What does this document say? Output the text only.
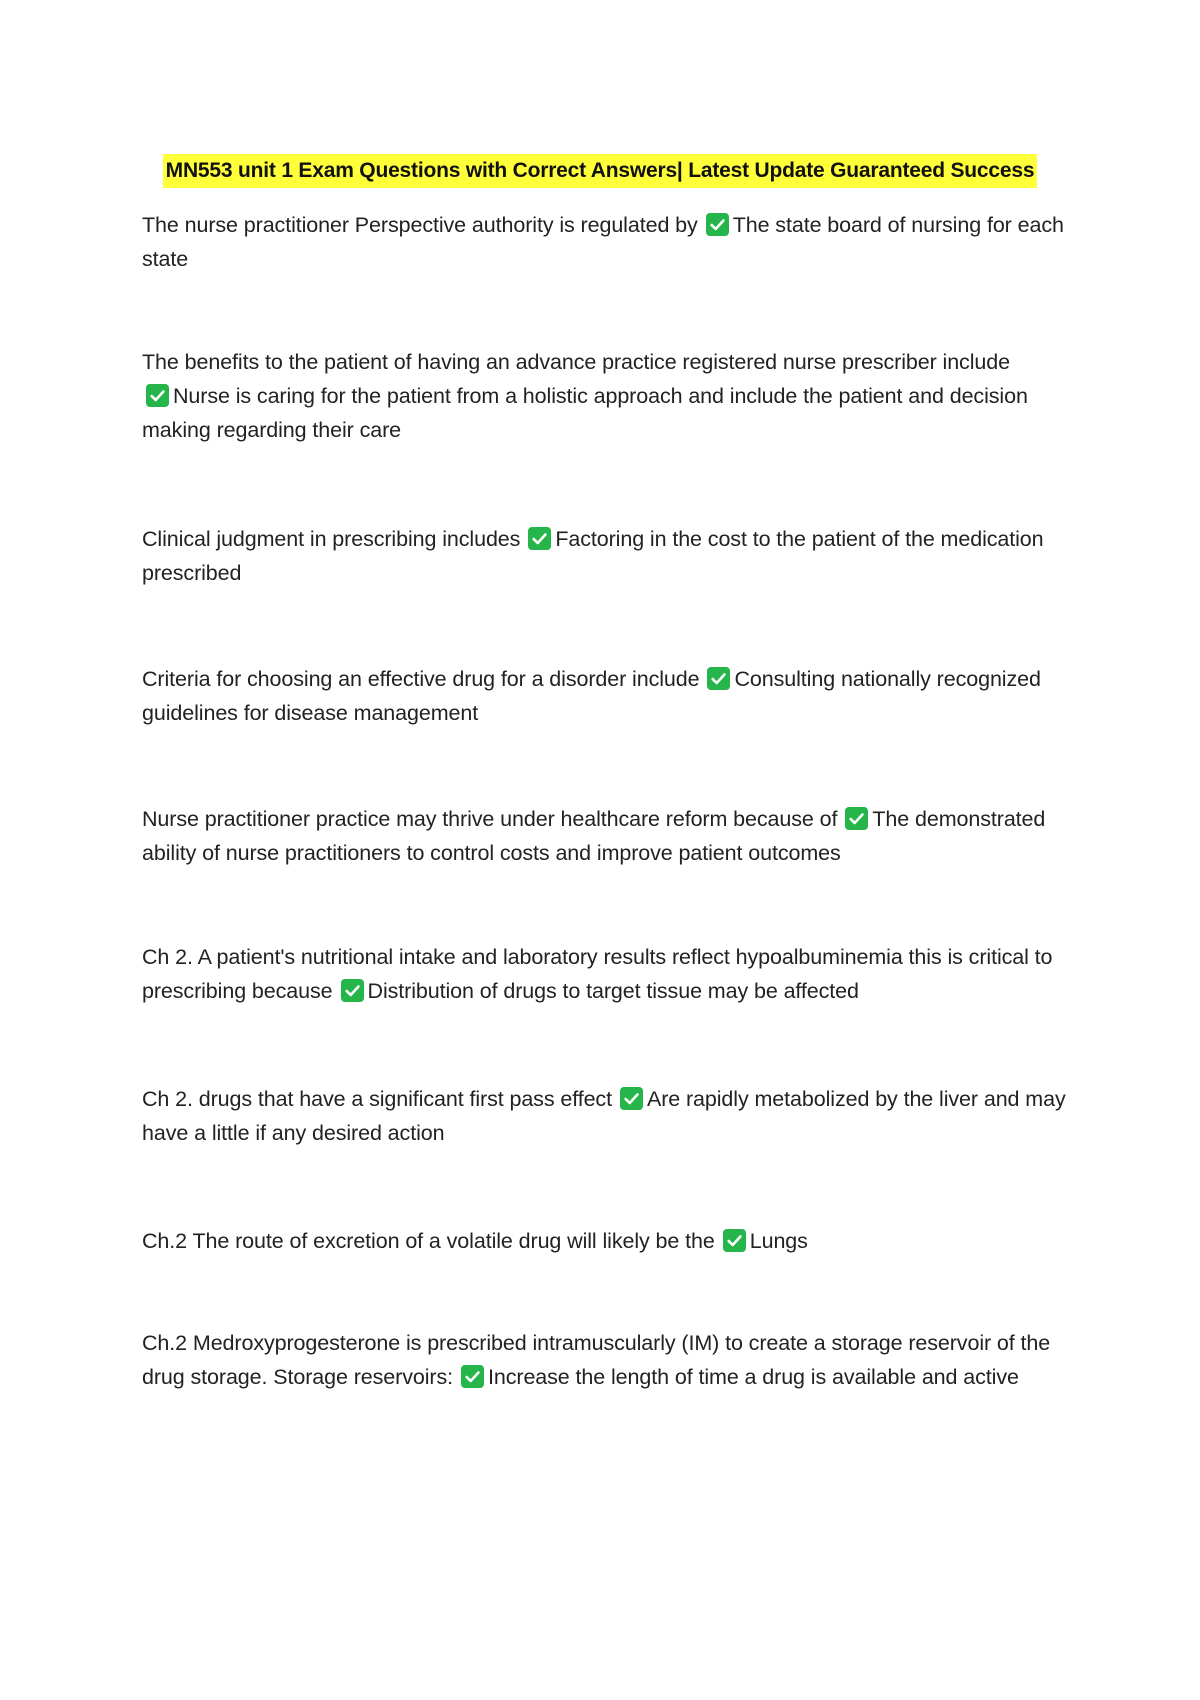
MN553 unit 1 Exam Questions with Correct Answers| Latest Update Guaranteed Success
The nurse practitioner Perspective authority is regulated by The state board of nursing for each state
The benefits to the patient of having an advance practice registered nurse prescriber include

Nurse is caring for the patient from a holistic approach and include the patient and decision making regarding their care
Clinical judgment in prescribing includes Factoring in the cost to the patient of the medication prescribed
Criteria for choosing an effective drug for a disorder include Consulting nationally recognized guidelines for disease management
Nurse practitioner practice may thrive under healthcare reform because of The demonstrated ability of nurse practitioners to control costs and improve patient outcomes
Ch 2. A patient's nutritional intake and laboratory results reflect hypoalbuminemia this is critical to prescribing because Distribution of drugs to target tissue may be affected
Ch 2. drugs that have a significant first pass effect Are rapidly metabolized by the liver and may have a little if any desired action
Ch.2 The route of excretion of a volatile drug will likely be the Lungs
Ch.2 Medroxyprogesterone is prescribed intramuscularly (IM) to create a storage reservoir of the drug storage. Storage reservoirs: Increase the length of time a drug is available and active
